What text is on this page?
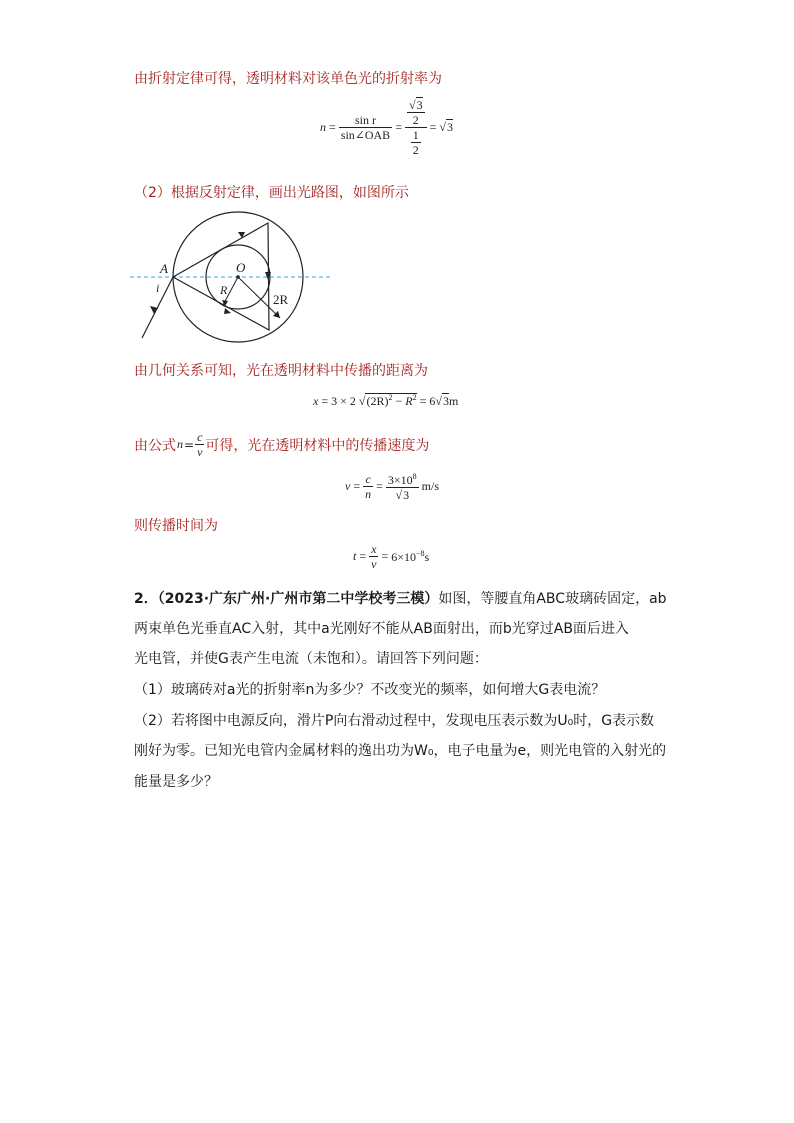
由折射定律可得，透明材料对该单色光的折射率为
$n = \frac{\text{sin r}}{\text{sin∠OAB}} = \frac{\frac{√3}{2}}{\frac{1}{2}} = √3$
（2）根据反射定律，画出光路图，如图所示
A
i
O
R
2R
由几何关系可知，光在透明材料中传播的距离为
x = 3 × 2 $√(2R)^2 - R^2 = 6√3m$
由公式 $n = \frac{c}{v}$ 可得，光在透明材料中的传播速度为
$v = \frac{c}{n} = \frac{3\times 10^8}{√3} m/s$
则传播时间为
$t = \frac{x}{v} = 6\times 10^{-8}s$
2．（2023·广东广州·广州市第二中学校考三模）如图，等腰直角ABC玻璃砖固定，ab
两束单色光垂直AC入射，其中a光刚好不能从AB面射出，而b光穿过AB面后进入
光电管，并使G表产生电流（未饱和）。请回答下列问题：
（1）玻璃砖对a光的折射率n为多少？不改变光的频率，如何增大G表电流？
（2）若将图中电源反向，滑片P向右滑动过程中，发现电压表示数为U₀时，G表示数
刚好为零。已知光电管内金属材料的逸出功为W₀，电子电量为e，则光电管的入射光的
能量是多少？
